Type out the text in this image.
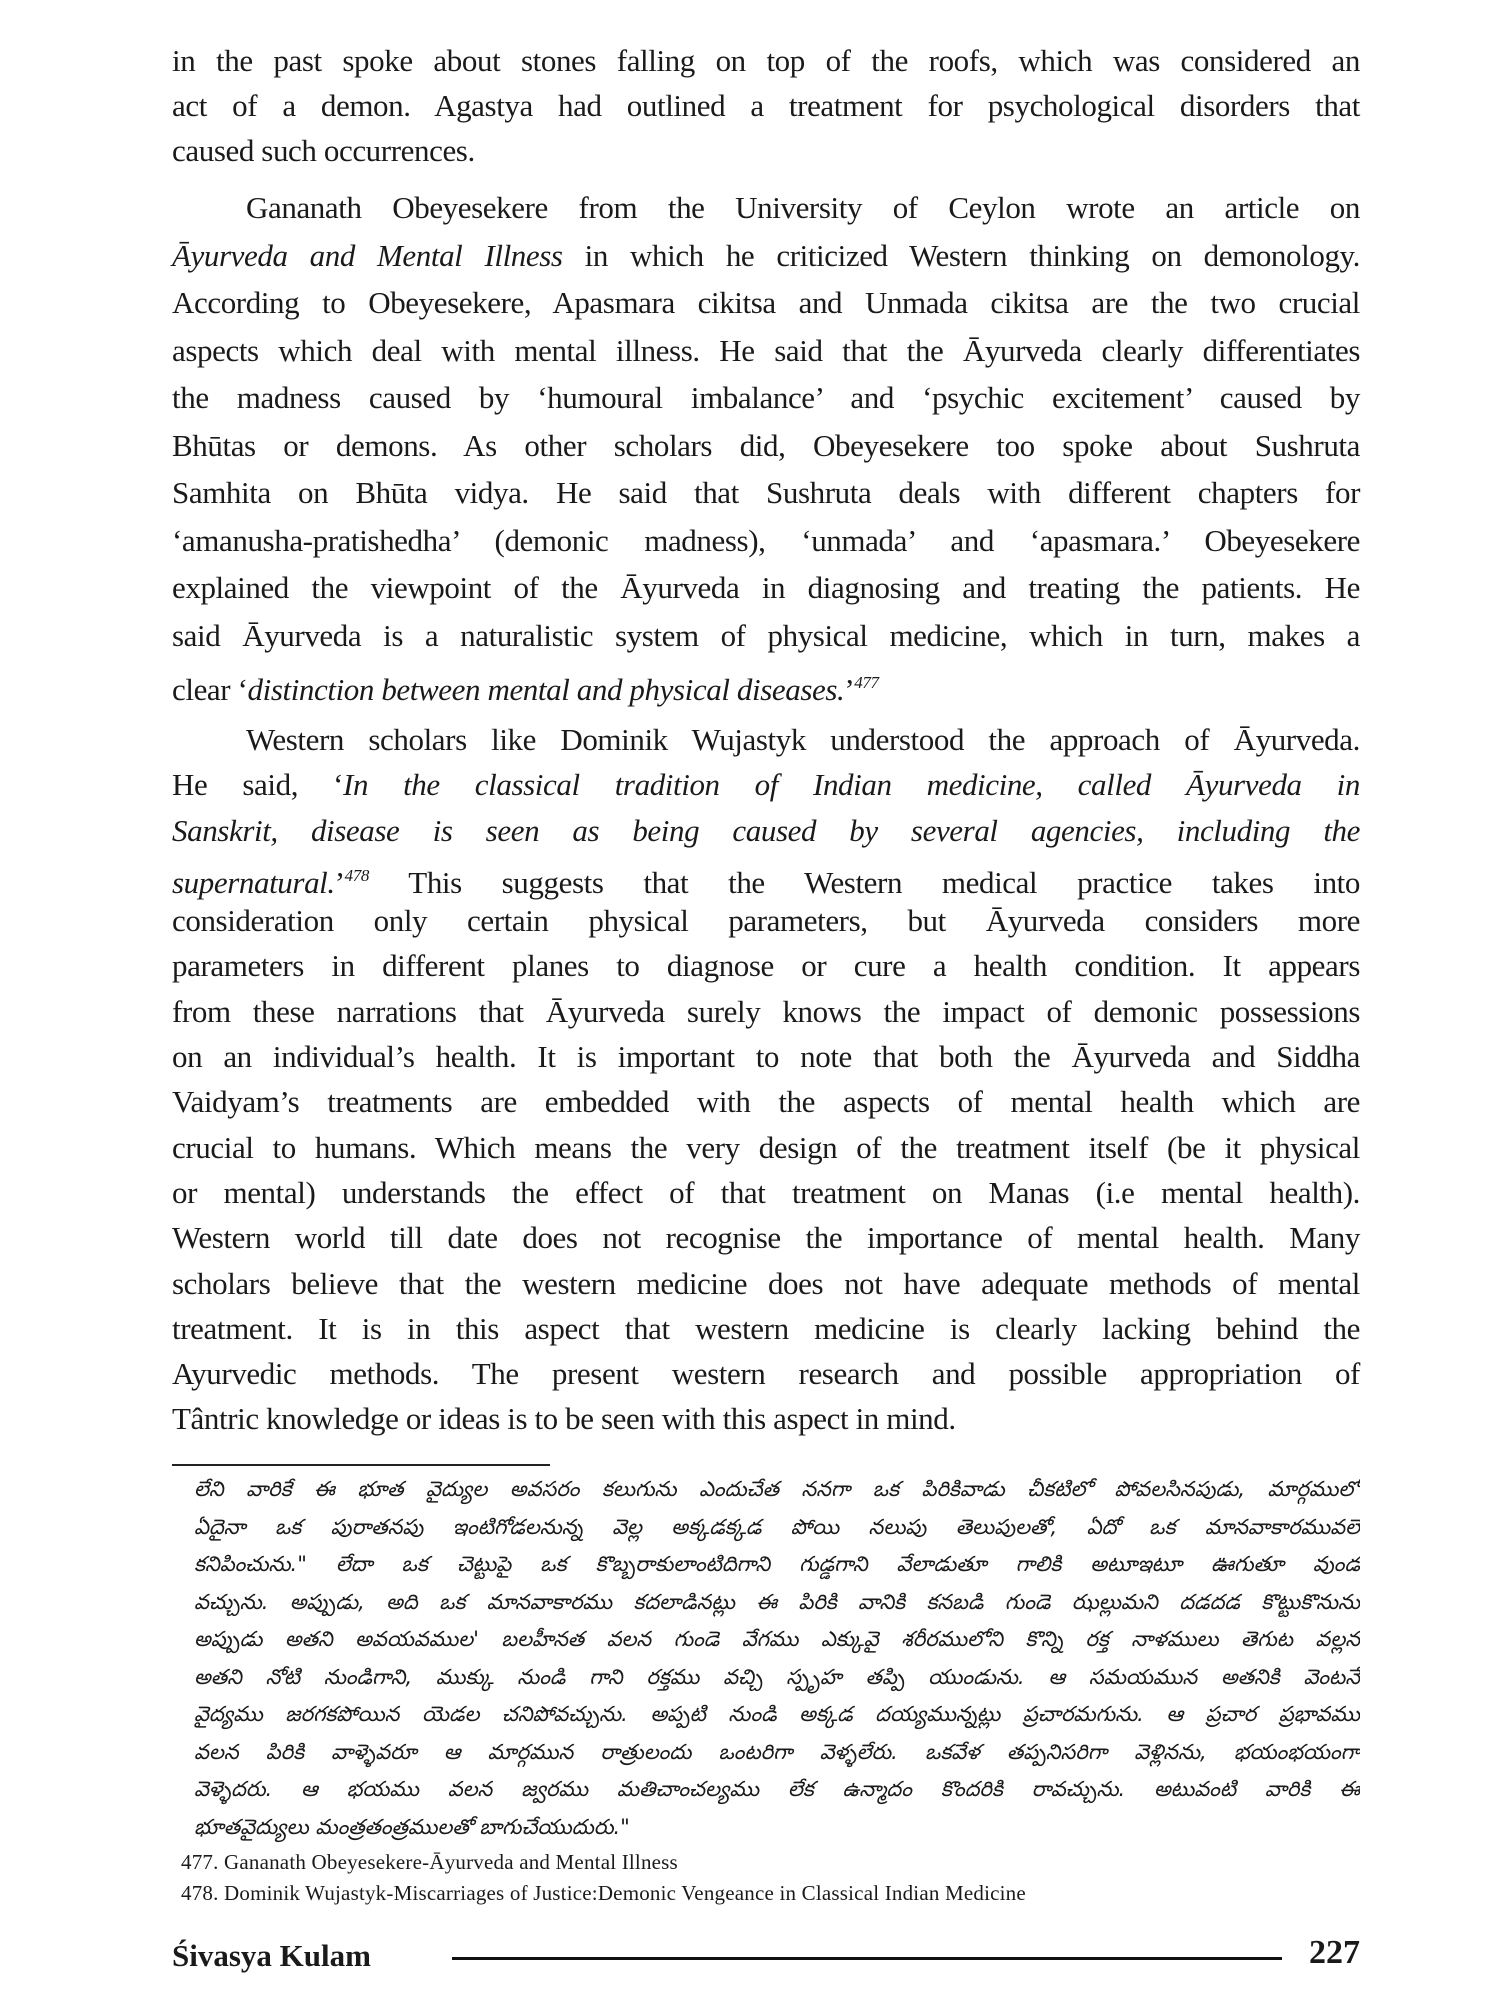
in the past spoke about stones falling on top of the roofs, which was considered an
act of a demon. Agastya had outlined a treatment for psychological disorders that
caused such occurrences.
Gananath Obeyesekere from the University of Ceylon wrote an article on
Āyurveda and Mental Illness in which he criticized Western thinking on demonology.
According to Obeyesekere, Apasmara cikitsa and Unmada cikitsa are the two crucial
aspects which deal with mental illness. He said that the Āyurveda clearly differentiates
the madness caused by ‘humoural imbalance’ and ‘psychic excitement’ caused by
Bhūtas or demons. As other scholars did, Obeyesekere too spoke about Sushruta
Samhita on Bhūta vidya. He said that Sushruta deals with different chapters for
‘amanusha-pratishedha’ (demonic madness), ‘unmada’ and ‘apasmara.’ Obeyesekere
explained the viewpoint of the Āyurveda in diagnosing and treating the patients. He
said Āyurveda is a naturalistic system of physical medicine, which in turn, makes a
clear ‘distinction between mental and physical diseases.’$^{477}$
Western scholars like Dominik Wujastyk understood the approach of Āyurveda.
He said, ‘In the classical tradition of Indian medicine, called Āyurveda in
Sanskrit, disease is seen as being caused by several agencies, including the
supernatural.’$^{478}$ This suggests that the Western medical practice takes into
consideration only certain physical parameters, but Āyurveda considers more
parameters in different planes to diagnose or cure a health condition. It appears
from these narrations that Āyurveda surely knows the impact of demonic possessions
on an individual’s health. It is important to note that both the Āyurveda and Siddha
Vaidyam’s treatments are embedded with the aspects of mental health which are
crucial to humans. Which means the very design of the treatment itself (be it physical
or mental) understands the effect of that treatment on Manas (i.e mental health).
Western world till date does not recognise the importance of mental health. Many
scholars believe that the western medicine does not have adequate methods of mental
treatment. It is in this aspect that western medicine is clearly lacking behind the
Ayurvedic methods. The present western research and possible appropriation of
Tântric knowledge or ideas is to be seen with this aspect in mind.
లేని వారికే ఈ భూత వైద్యుల అవసరం కలుగును ఎందుచేత ననగా ఒక పిరికివాడు చీకటిలో పోవలసినపుడు, మార్గములో
ఏదైనా ఒక పురాతనపు ఇంటిగోడలనున్న వెల్ల అక్కడక్కడ పోయి నలుపు తెలుపులతో, ఏదో ఒక మానవాకారమువలె
కనిపించును." లేదా ఒక చెట్టుపై ఒక కొబ్బరాకులాంటిదిగాని గుడ్డగాని వేలాడుతూ గాలికి అటూఇటూ ఊగుతూ వుండ
వచ్చును. అప్పుడు, అది ఒక మానవాకారము కదలాడినట్లు ఈ పిరికి వానికి కనబడి గుండె ఝల్లుమని దడదడ కొట్టుకొనును
అప్పుడు అతని అవయవముల' బలహీనత వలన గుండె వేగము ఎక్కువై శరీరములోని కొన్ని రక్త నాళములు తెగుట వల్లన
అతని నోటి నుండిగాని, ముక్కు నుండి గాని రక్తము వచ్చి స్పృహ తప్పి యుండును. ఆ సమయమున అతనికి వెంటనే
వైద్యము జరగకపోయిన యెడల చనిపోవచ్చును. అప్పటి నుండి అక్కడ దయ్యమున్నట్లు ప్రచారమగును. ఆ ప్రచార ప్రభావము
వలన పిరికి వాళ్ళెవరూ ఆ మార్గమున రాత్రులందు ఒంటరిగా వెళ్ళలేరు. ఒకవేళ తప్పనిసరిగా వెళ్లినను, భయంభయంగా
వెళ్ళెదరు. ఆ భయము వలన జ్వరము మతిచాంచల్యము లేక ఉన్మాదం కొందరికి రావచ్చును. అటువంటి వారికి ఈ
భూతవైద్యులు మంత్రతంత్రములతో బాగుచేయుదురు."
477. Gananath Obeyesekere-Āyurveda and Mental Illness
478. Dominik Wujastyk-Miscarriages of Justice:Demonic Vengeance in Classical Indian Medicine
Śivasya Kulam	227
